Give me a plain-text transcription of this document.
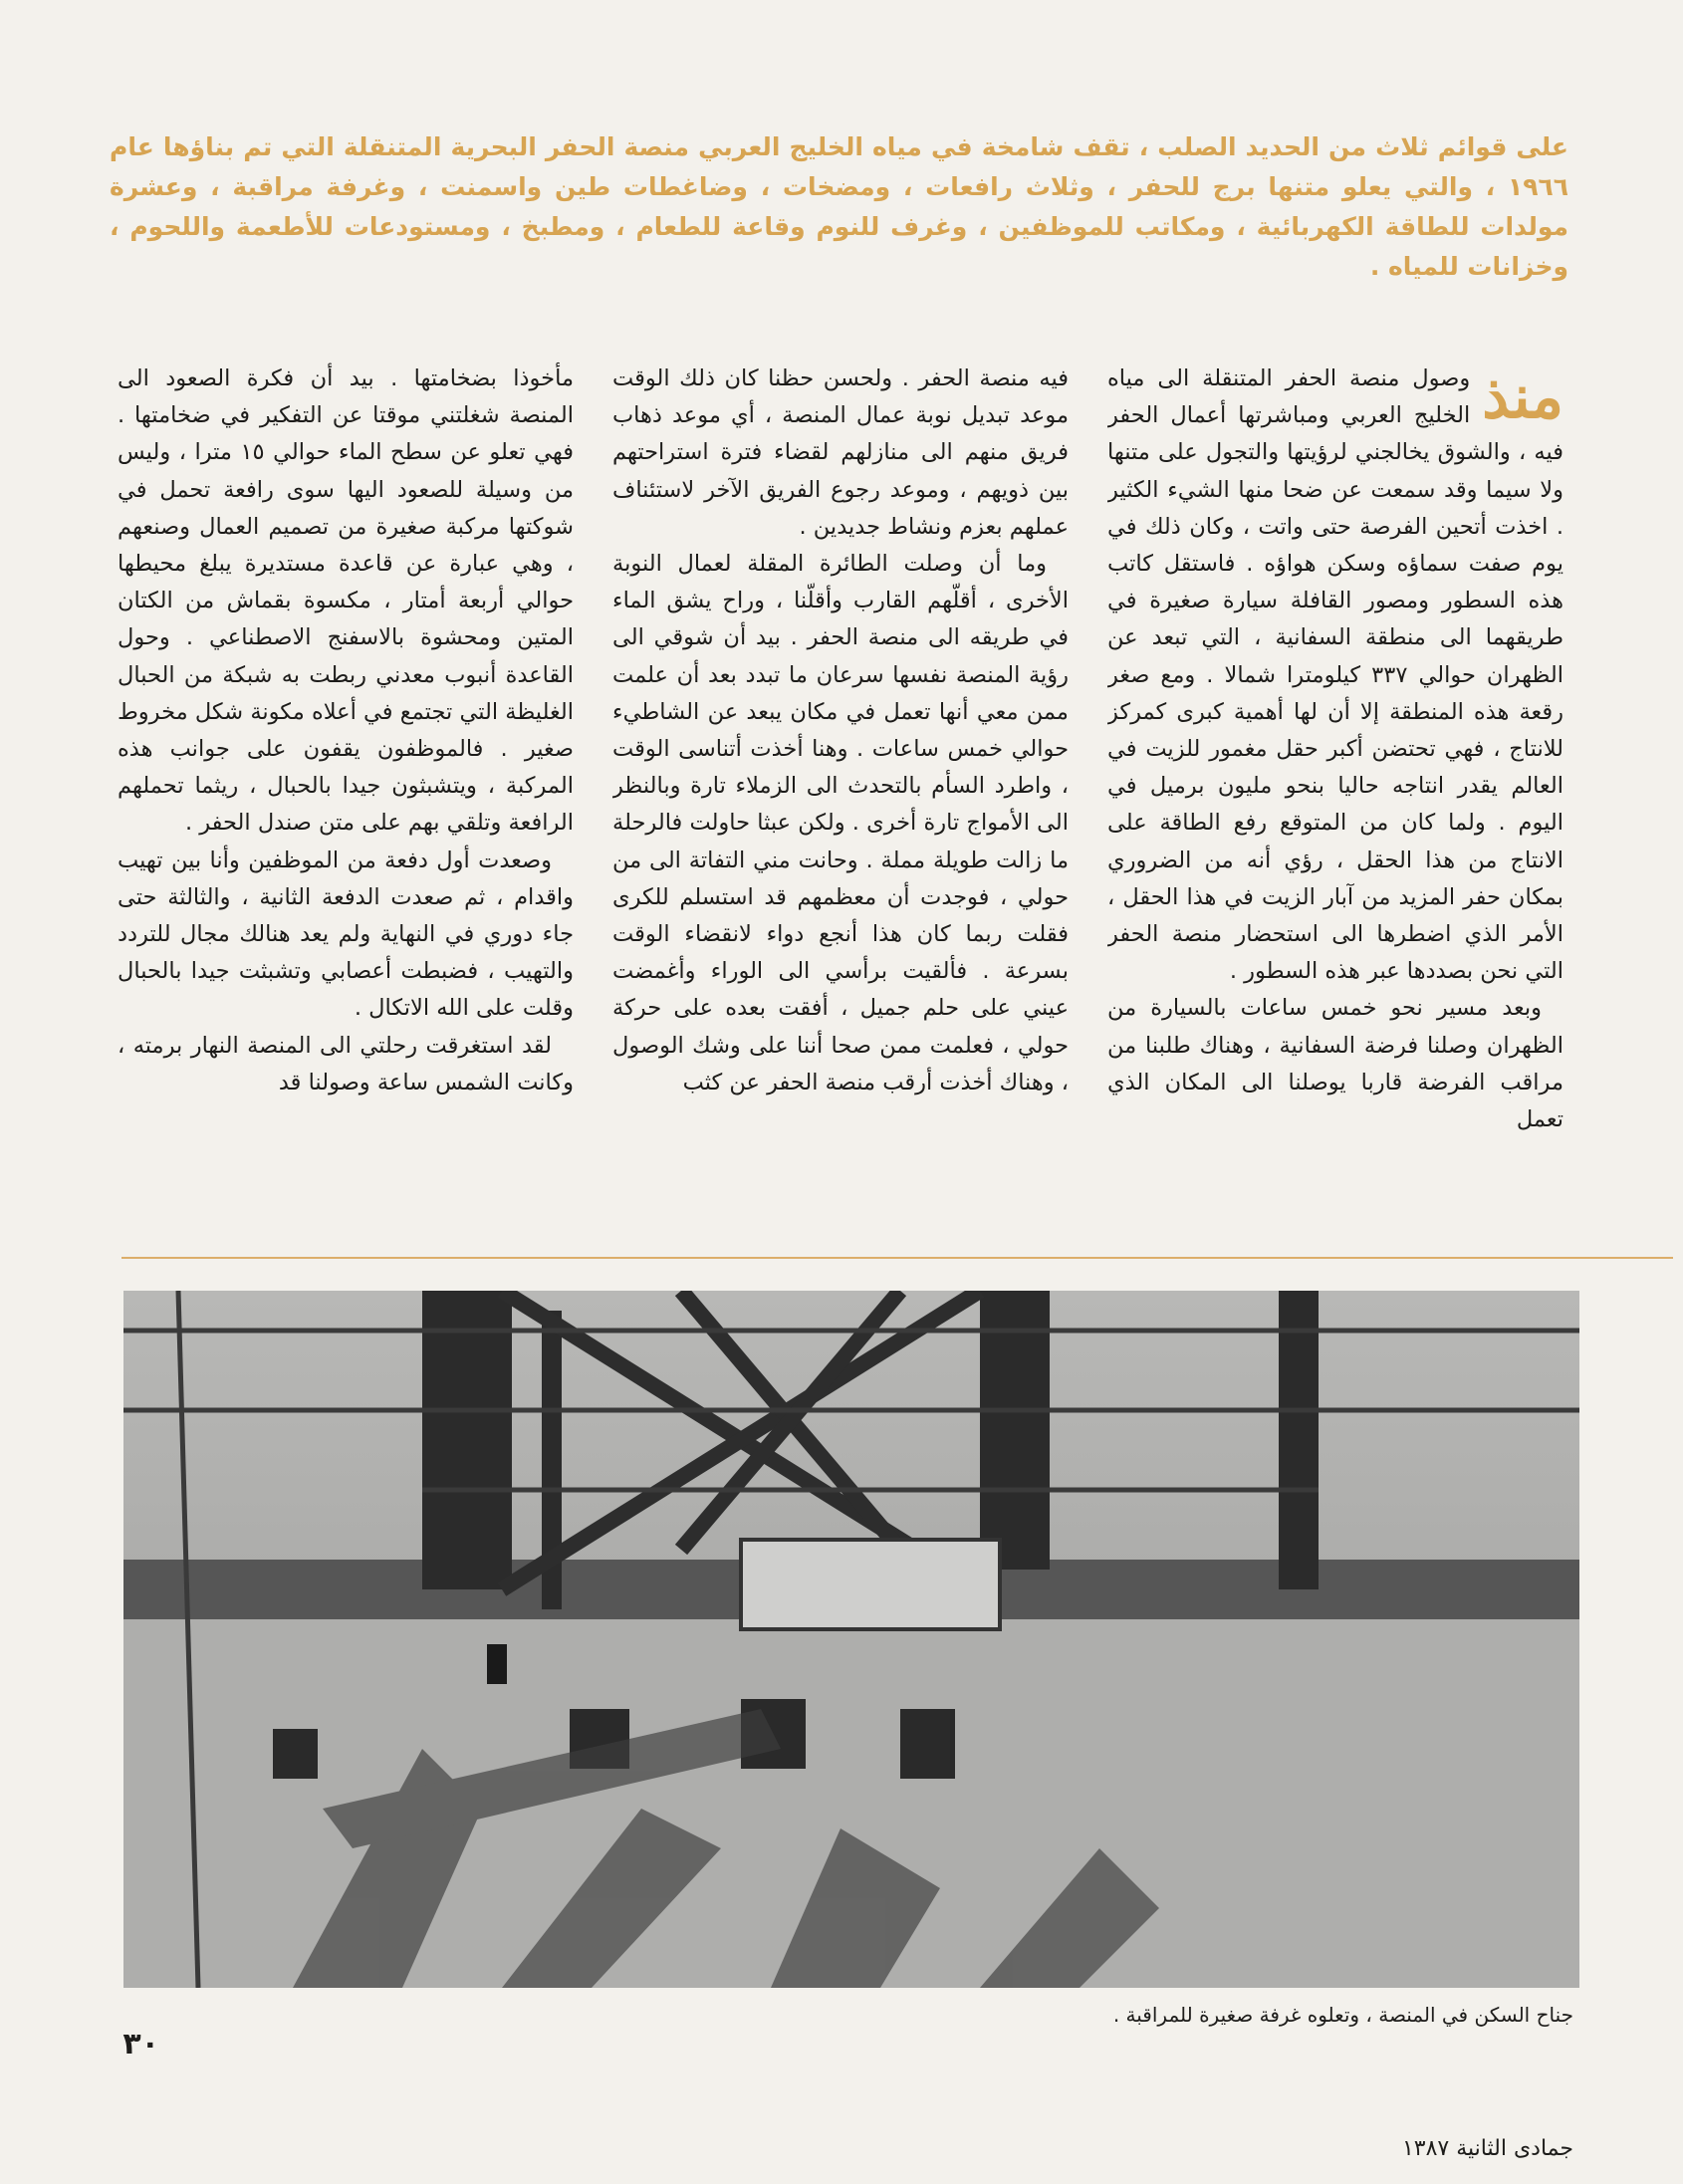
على قوائم ثلاث من الحديد الصلب ، تقف شامخة في مياه الخليج العربي منصة الحفر البحرية المتنقلة التي تم بناؤها عام ١٩٦٦ ، والتي يعلو متنها برج للحفر ، وثلاث رافعات ، ومضخات ، وضاغطات طين واسمنت ، وغرفة مراقبة ، وعشرة مولدات للطاقة الكهربائية ، ومكاتب للموظفين ، وغرف للنوم وقاعة للطعام ، ومطبخ ، ومستودعات للأطعمة واللحوم ، وخزانات للمياه .
منذ

وصول منصة الحفر المتنقلة الى مياه الخليج العربي ومباشرتها أعمال الحفر فيه ، والشوق يخالجني لرؤيتها والتجول على متنها ولا سيما وقد سمعت عن ضحا منها الشيء الكثير . اخذت أتحين الفرصة حتى واتت ، وكان ذلك في يوم صفت سماؤه وسكن هواؤه . فاستقل كاتب هذه السطور ومصور القافلة سيارة صغيرة في طريقهما الى منطقة السفانية ، التي تبعد عن الظهران حوالي ٣٣٧ كيلومترا شمالا . ومع صغر رقعة هذه المنطقة إلا أن لها أهمية كبرى كمركز للانتاج ، فهي تحتضن أكبر حقل مغمور للزيت في العالم يقدر انتاجه حاليا بنحو مليون برميل في اليوم . ولما كان من المتوقع رفع الطاقة على الانتاج من هذا الحقل ، رؤي أنه من الضروري بمكان حفر المزيد من آبار الزيت في هذا الحقل ، الأمر الذي اضطرها الى استحضار منصة الحفر التي نحن بصددها عبر هذه السطور .

وبعد مسير نحو خمس ساعات بالسيارة من الظهران وصلنا فرضة السفانية ، وهناك طلبنا من مراقب الفرضة قاربا يوصلنا الى المكان الذي تعمل

فيه منصة الحفر . ولحسن حظنا كان ذلك الوقت موعد تبديل نوبة عمال المنصة ، أي موعد ذهاب فريق منهم الى منازلهم لقضاء فترة استراحتهم بين ذويهم ، وموعد رجوع الفريق الآخر لاستئناف عملهم بعزم ونشاط جديدين .

وما أن وصلت الطائرة المقلة لعمال النوبة الأخرى ، أقلّهم القارب وأقلّنا ، وراح يشق الماء في طريقه الى منصة الحفر . بيد أن شوقي الى رؤية المنصة نفسها سرعان ما تبدد بعد أن علمت ممن معي أنها تعمل في مكان يبعد عن الشاطيء حوالي خمس ساعات . وهنا أخذت أتناسى الوقت ، واطرد السأم بالتحدث الى الزملاء تارة وبالنظر الى الأمواج تارة أخرى . ولكن عبثا حاولت فالرحلة ما زالت طويلة مملة . وحانت مني التفاتة الى من حولي ، فوجدت أن معظمهم قد استسلم للكرى فقلت ربما كان هذا أنجع دواء لانقضاء الوقت بسرعة . فألقيت برأسي الى الوراء وأغمضت عيني على حلم جميل ، أفقت بعده على حركة حولي ، فعلمت ممن صحا أننا على وشك الوصول ، وهناك أخذت أرقب منصة الحفر عن كثب

مأخوذا بضخامتها . بيد أن فكرة الصعود الى المنصة شغلتني موقتا عن التفكير في ضخامتها . فهي تعلو عن سطح الماء حوالي ١٥ مترا ، وليس من وسيلة للصعود اليها سوى رافعة تحمل في شوكتها مركبة صغيرة من تصميم العمال وصنعهم ، وهي عبارة عن قاعدة مستديرة يبلغ محيطها حوالي أربعة أمتار ، مكسوة بقماش من الكتان المتين ومحشوة بالاسفنج الاصطناعي . وحول القاعدة أنبوب معدني ربطت به شبكة من الحبال الغليظة التي تجتمع في أعلاه مكونة شكل مخروط صغير . فالموظفون يقفون على جوانب هذه المركبة ، ويتشبثون جيدا بالحبال ، ريثما تحملهم الرافعة وتلقي بهم على متن صندل الحفر .

وصعدت أول دفعة من الموظفين وأنا بين تهيب واقدام ، ثم صعدت الدفعة الثانية ، والثالثة حتى جاء دوري في النهاية ولم يعد هنالك مجال للتردد والتهيب ، فضبطت أعصابي وتشبثت جيدا بالحبال وقلت على الله الاتكال .

لقد استغرقت رحلتي الى المنصة النهار برمته ، وكانت الشمس ساعة وصولنا قد

جناح السكن في المنصة ، وتعلوه غرفة صغيرة للمراقبة .
٣٠
جمادى الثانية ١٣٨٧
